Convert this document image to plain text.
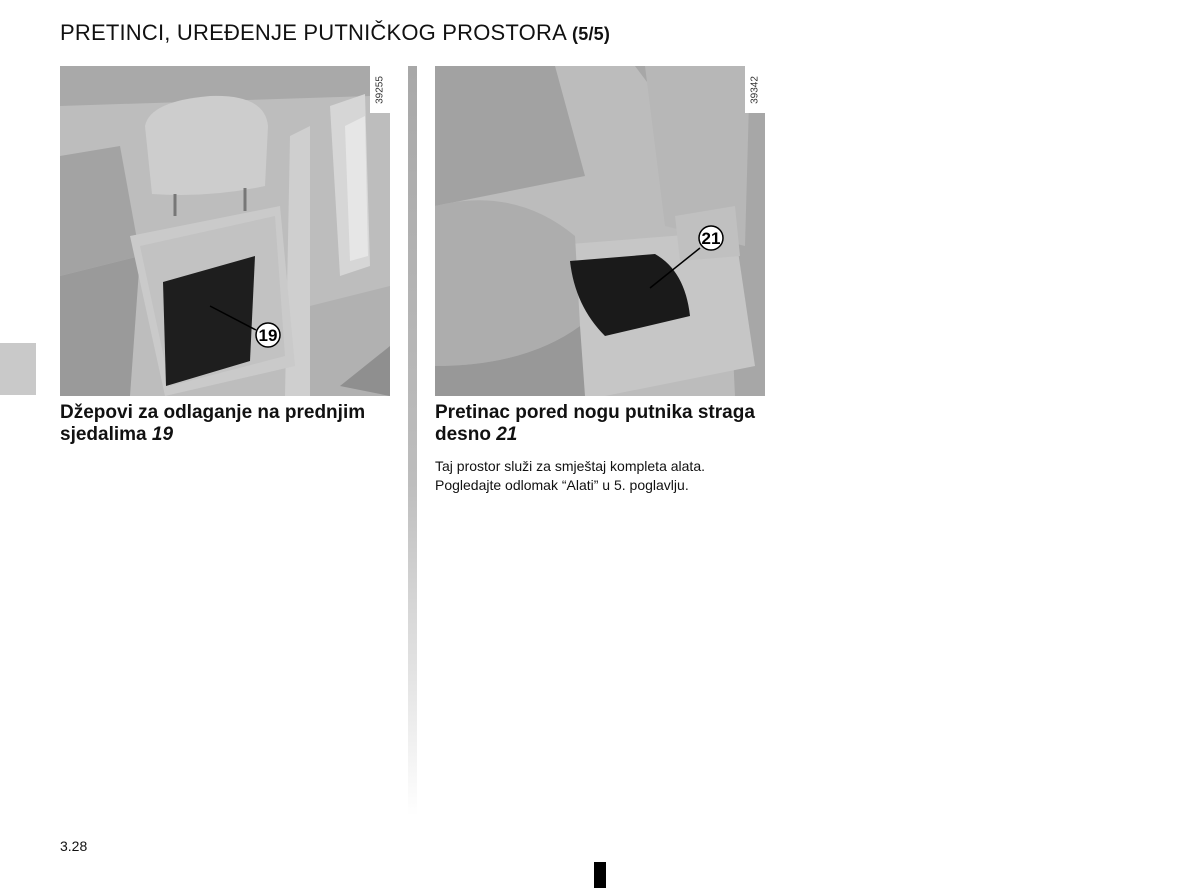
PRETINCI, UREĐENJE PUTNIČKOG PROSTORA (5/5)
19
39255
21
39342
Džepovi za odlaganje na prednjim sjedalima 19
Pretinac pored nogu putnika straga desno 21

Taj prostor služi za smještaj kompleta alata.

Pogledajte odlomak “Alati” u 5. poglavlju.

3.28
